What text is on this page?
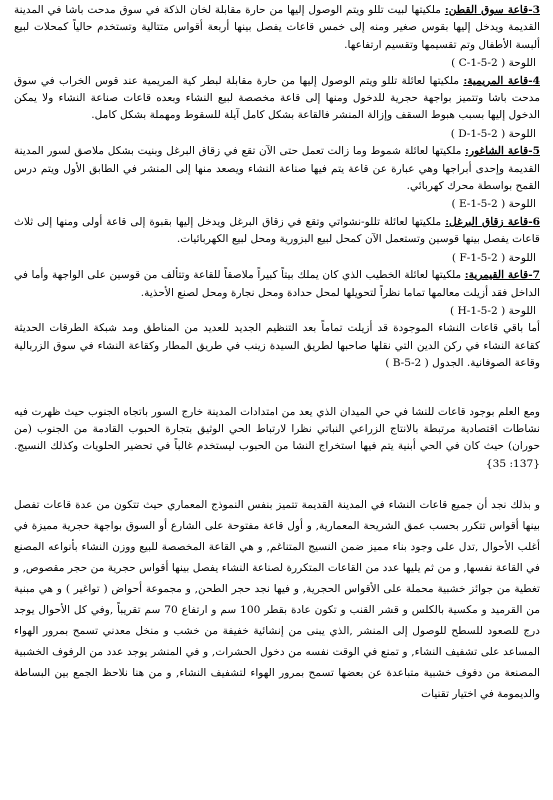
3-قاعة سوق القطن: ملكيتها لبيت تللو ويتم الوصول إليها من حارة مقابلة لخان الذكة في سوق مدحت باشا في المدينة القديمة ويدخل إليها بقوس صغير ومنه إلى خمس قاعات يفصل بينها أربعة أقواس متتالية وتستخدم حالياً كمحلات لبيع ألبسة الأطفال وتم تقسيمها وتقسيم ارتفاعها.

اللوحة ( 2-5-1-C )

4-قاعة المريمية: ملكيتها لعائلة تللو ويتم الوصول إليها من حارة مقابلة لبطر كية المريمية عند قوس الخراب في سوق مدحت باشا وتتميز بواجهة حجرية للدخول ومنها إلى قاعة مخصصة لبيع النشاء وبعده قاعات صناعة النشاء ولا يمكن الدخول إليها بسبب هبوط السقف وإزالة المنشر فالقاعة بشكل كامل آيلة للسقوط ومهملة بشكل كامل.

اللوحة ( 2-5-1-D )

5-قاعة الشاغور: ملكيتها لعائلة شموط وما زالت تعمل حتى الآن تقع في زقاق البرغل وبنيت بشكل ملاصق لسور المدينة القديمة وإحدى أبراجها وهي عبارة عن قاعة يتم فيها صناعة النشاء ويصعد منها إلى المنشر في الطابق الأول ويتم درس القمح بواسطة محرك كهربائي.

اللوحة ( 2-5-1-E )

6-قاعة زقاق البرغل: ملكيتها لعائلة تللو-نشواتي وتقع في زقاق البرغل ويدخل إليها بقبوة إلى قاعة أولى ومنها إلى ثلاث قاعات يفصل بينها قوسين وتستعمل الآن كمحل لبيع البزورية ومحل لبيع الكهربائيات.

اللوحة ( 2-5-1-F )

7-قاعة القيمرية: ملكيتها لعائلة الخطيب الذي كان يملك بيتاً كبيراً ملاصقاً للقاعة وتتألف من قوسين على الواجهة وأما في الداخل فقد أزيلت معالمها تماما نظراً لتحويلها لمحل حدادة ومحل نجارة ومحل لصنع الأحذية.

اللوحة ( 2-5-1-H )

أما باقي قاعات النشاء الموجودة قد أزيلت تماماً بعد التنظيم الجديد للعديد من المناطق ومد شبكة الطرقات الحديثة كقاعة النشاء في ركن الدين التي نقلها صاحبها لطريق السيدة زينب في طريق المطار وكقاعة النشاء في سوق الزربالية وقاعة الصوفانية. الجدول ( 2-5-B )

ومع العلم بوجود قاعات للنشا في حي الميدان الذي يعد من امتدادات المدينة خارج السور باتجاه الجنوب حيث ظهرت فيه نشاطات اقتصادية مرتبطة بالانتاج الزراعي النباتي نظرا لارتباط الحي الوثيق بتجارة الحبوب القادمة من الجنوب (من حوران) حيث كان في الحي أبنية يتم فيها استخراج النشا من الحبوب ليستخدم غالباً في تحضير الحلويات وكذلك النسيج. {137: 35}

و بذلك نجد أن جميع قاعات النشاء في المدينة القديمة تتميز بنفس النموذج المعماري حيث تتكون من عدة قاعات تفصل بينها أقواس تتكرر بحسب عمق الشريحة المعمارية, و أول قاعة مفتوحة على الشارع أو السوق بواجهة حجرية مميزة في أغلب الأحوال ,تدل على وجود بناء مميز ضمن النسيج المتناغم, و هي القاعة المخصصة للبيع ووزن النشاء بأنواعه المصنع في القاعة نفسها, و من ثم يليها عدد من القاعات المتكررة لصناعة النشاء يفصل بينها أقواس حجرية من حجر مقصوص, و تغطية من جوائز خشبية محملة على الأقواس الحجرية, و فيها نجد حجر الطحن, و مجموعة أحواض ( تواغير ) و هي مبنية من القرميد و مكسية بالكلس و قشر القنب و تكون عادة بقطر 100 سم و ارتفاع 70 سم تقريباً ,وفي كل الأحوال يوجد درج للصعود للسطح للوصول إلى المنشر ,الذي يبنى من إنشائية خفيفة من خشب و منخل معدني تسمح بمرور الهواء المساعد على تشفيف النشاء, و تمنع في الوقت نفسه من دخول الحشرات, و في المنشر يوجد عدد من الرفوف الخشبية المصنعة من دفوف خشبية متباعدة عن بعضها تسمح بمرور الهواء لتشفيف النشاء, و من هنا نلاحظ الجمع بين البساطة والديمومة في اختيار تقنيات
